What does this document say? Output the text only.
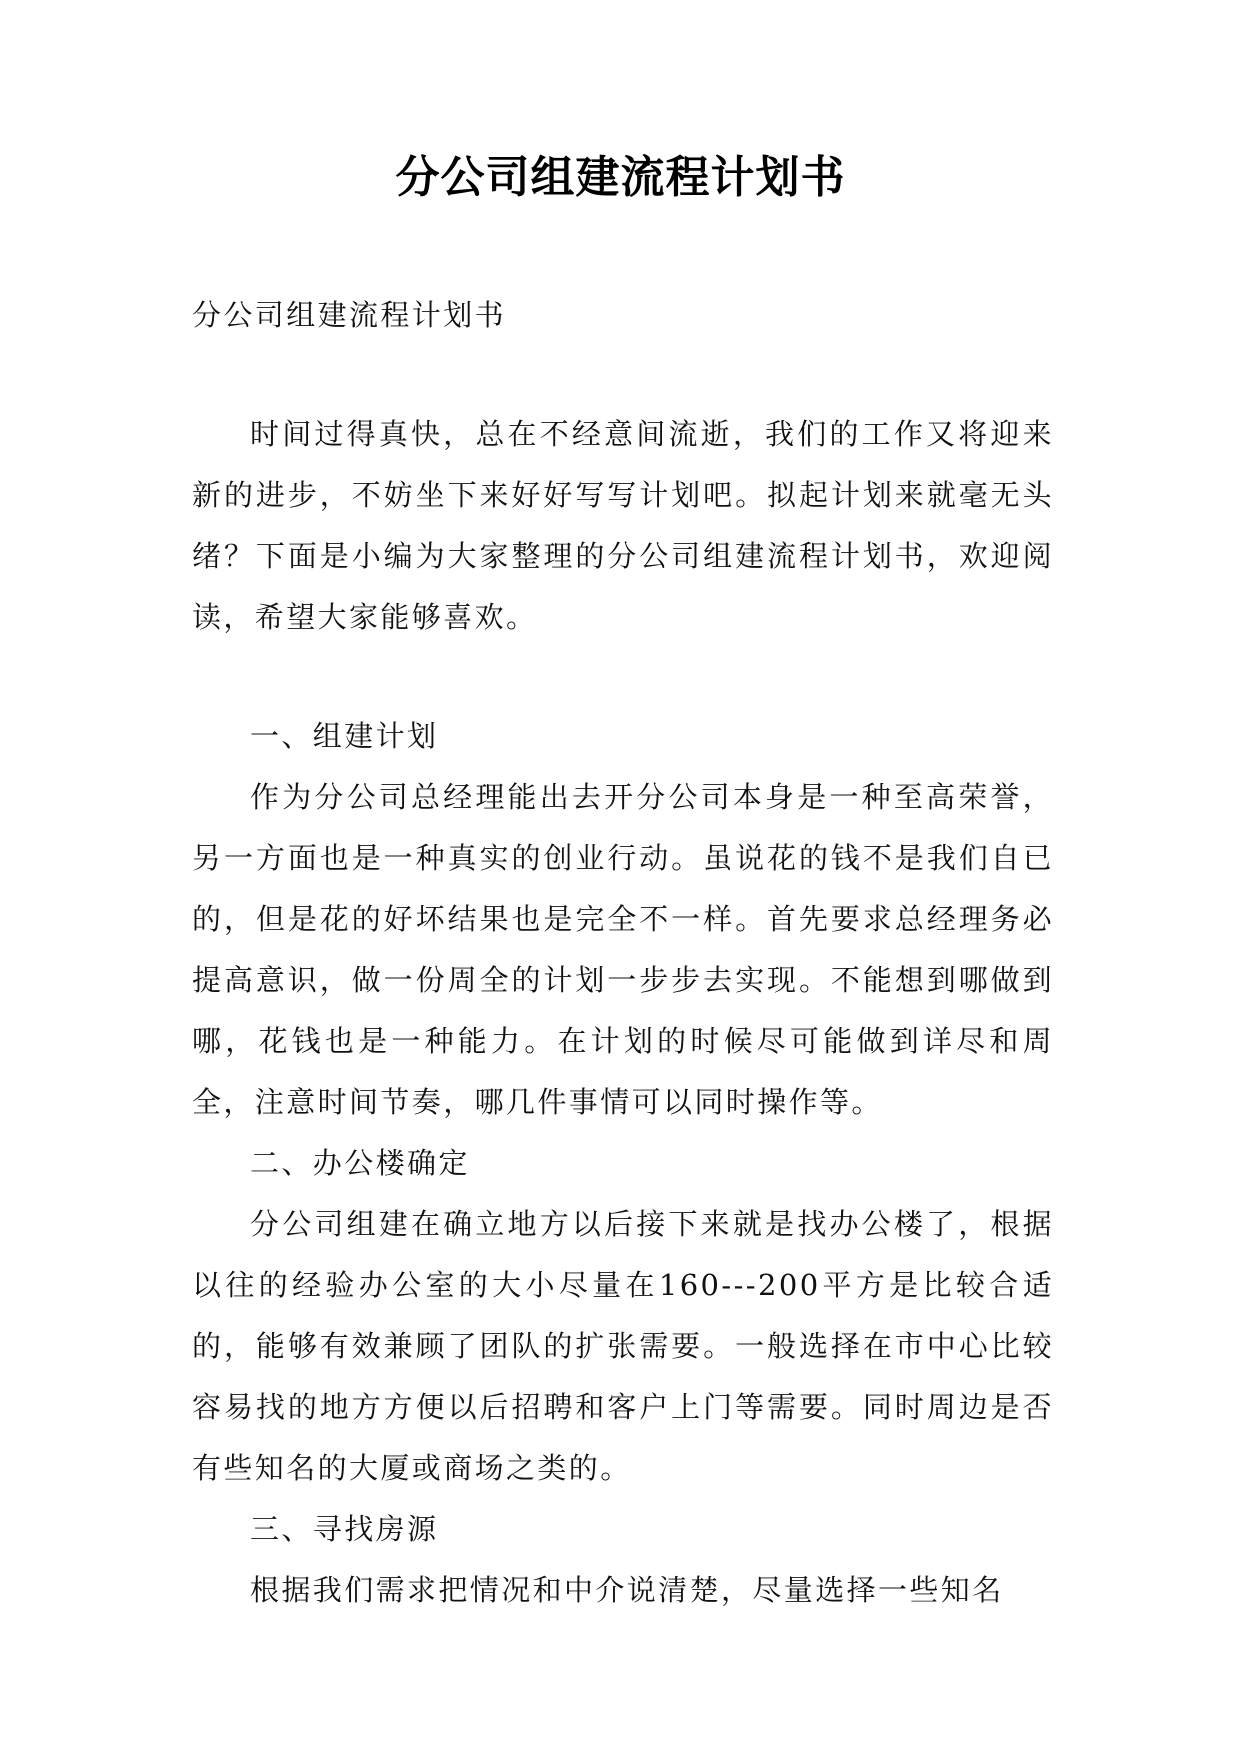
分公司组建流程计划书

分公司组建流程计划书

时间过得真快，总在不经意间流逝，我们的工作又将迎来新的进步，不妨坐下来好好写写计划吧。拟起计划来就毫无头绪？下面是小编为大家整理的分公司组建流程计划书，欢迎阅读，希望大家能够喜欢。

一、组建计划

作为分公司总经理能出去开分公司本身是一种至高荣誉，另一方面也是一种真实的创业行动。虽说花的钱不是我们自已的，但是花的好坏结果也是完全不一样。首先要求总经理务必提高意识，做一份周全的计划一步步去实现。不能想到哪做到哪，花钱也是一种能力。在计划的时候尽可能做到详尽和周全，注意时间节奏，哪几件事情可以同时操作等。

二、办公楼确定

分公司组建在确立地方以后接下来就是找办公楼了，根据以往的经验办公室的大小尽量在160---200平方是比较合适的，能够有效兼顾了团队的扩张需要。一般选择在市中心比较容易找的地方方便以后招聘和客户上门等需要。同时周边是否有些知名的大厦或商场之类的。

三、寻找房源

根据我们需求把情况和中介说清楚，尽量选择一些知名
